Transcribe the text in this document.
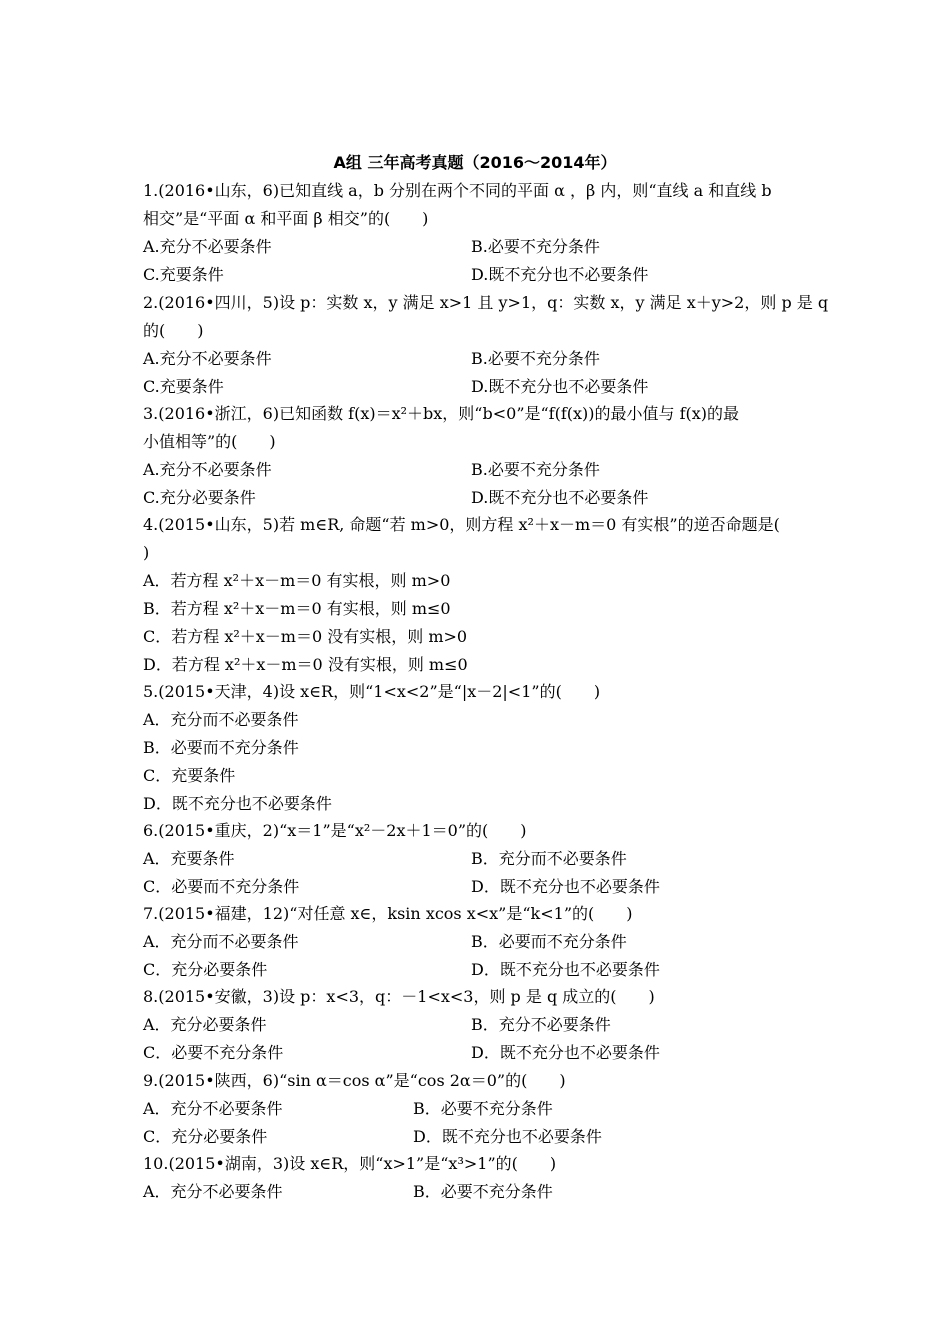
A组 三年高考真题（2016～2014年）
1.(2016•山东，6)已知直线 a，b 分别在两个不同的平面 α ，β 内，则“直线 a 和直线 b
相交”是“平面 α 和平面 β 相交”的(　　)
A.充分不必要条件	B.必要不充分条件
C.充要条件	D.既不充分也不必要条件
2.(2016•四川，5)设 p：实数 x，y 满足 x>1 且 y>1，q：实数 x，y 满足 x＋y>2，则 p 是 q
的(　　)
A.充分不必要条件	B.必要不充分条件
C.充要条件	D.既不充分也不必要条件
3.(2016•浙江，6)已知函数 f(x)＝x²＋bx，则“b<0”是“f(f(x))的最小值与 f(x)的最
小值相等”的(　　)
A.充分不必要条件	B.必要不充分条件
C.充分必要条件	D.既不充分也不必要条件
4.(2015•山东，5)若 m∈R, 命题“若 m>0，则方程 x²＋x－m＝0 有实根”的逆否命题是(
)
A．若方程 x²＋x－m＝0 有实根，则 m>0
B．若方程 x²＋x－m＝0 有实根，则 m≤0
C．若方程 x²＋x－m＝0 没有实根，则 m>0
D．若方程 x²＋x－m＝0 没有实根，则 m≤0
5.(2015•天津，4)设 x∈R，则“1<x<2”是“|x－2|<1”的(　　)
A．充分而不必要条件
B．必要而不充分条件
C．充要条件
D．既不充分也不必要条件
6.(2015•重庆，2)“x＝1”是“x²－2x＋1＝0”的(　　)
A．充要条件	B．充分而不必要条件
C．必要而不充分条件	D．既不充分也不必要条件
7.(2015•福建，12)“对任意 x∈，ksin xcos x<x”是“k<1”的(　　)
A．充分而不必要条件	B．必要而不充分条件
C．充分必要条件	D．既不充分也不必要条件
8.(2015•安徽，3)设 p：x<3，q：－1<x<3，则 p 是 q 成立的(　　)
A．充分必要条件	B．充分不必要条件
C．必要不充分条件	D．既不充分也不必要条件
9.(2015•陕西，6)“sin α＝cos α”是“cos 2α＝0”的(　　)
A．充分不必要条件	B．必要不充分条件
C．充分必要条件	D．既不充分也不必要条件
10.(2015•湖南，3)设 x∈R，则“x>1”是“x³>1”的(　　)
A．充分不必要条件	B．必要不充分条件
